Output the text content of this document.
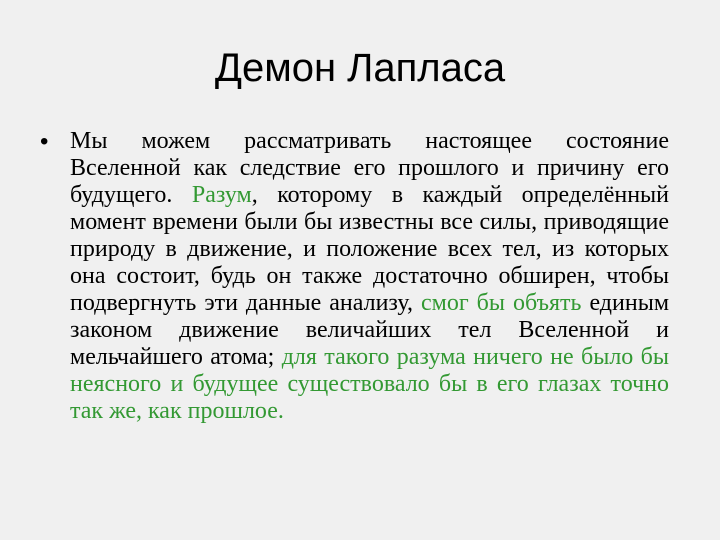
Демон Лапласа
• Мы можем рассматривать настоящее состояние Вселенной как следствие его прошлого и причину его будущего. Разум, которому в каждый определённый момент времени были бы известны все силы, приводящие природу в движение, и положение всех тел, из которых она состоит, будь он также достаточно обширен, чтобы подвергнуть эти данные анализу, смог бы объять единым законом движение величайших тел Вселенной и мельчайшего атома; для такого разума ничего не было бы неясного и будущее существовало бы в его глазах точно так же, как прошлое.
